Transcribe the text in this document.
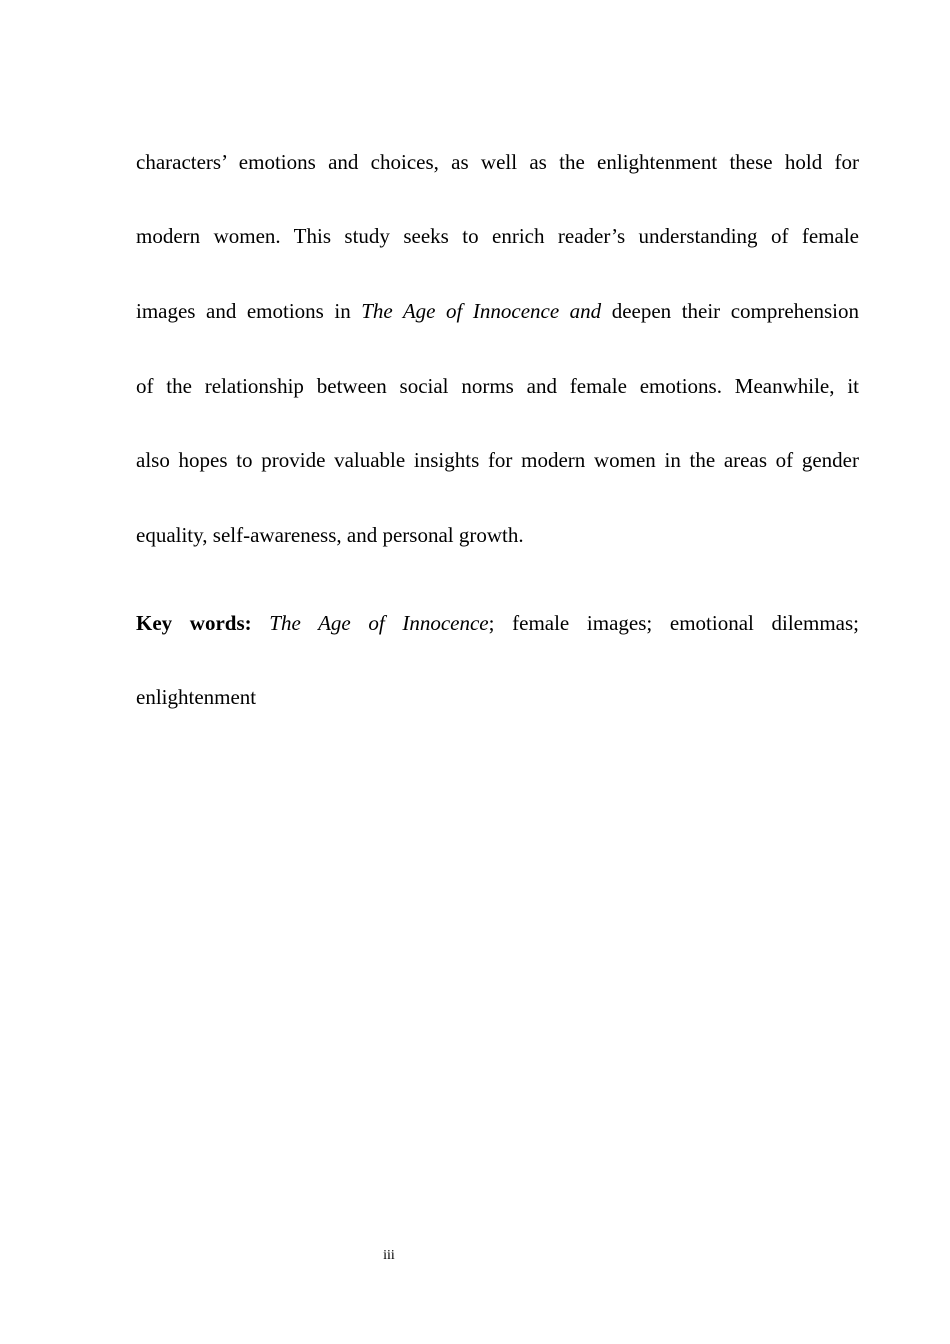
characters’ emotions and choices, as well as the enlightenment these hold for
modern women. This study seeks to enrich reader’s understanding of female
images and emotions in The Age of Innocence and deepen their comprehension
of the relationship between social norms and female emotions. Meanwhile, it
also hopes to provide valuable insights for modern women in the areas of gender
equality, self-awareness, and personal growth.
Key words: The Age of Innocence; female images; emotional dilemmas;
enlightenment
iii
